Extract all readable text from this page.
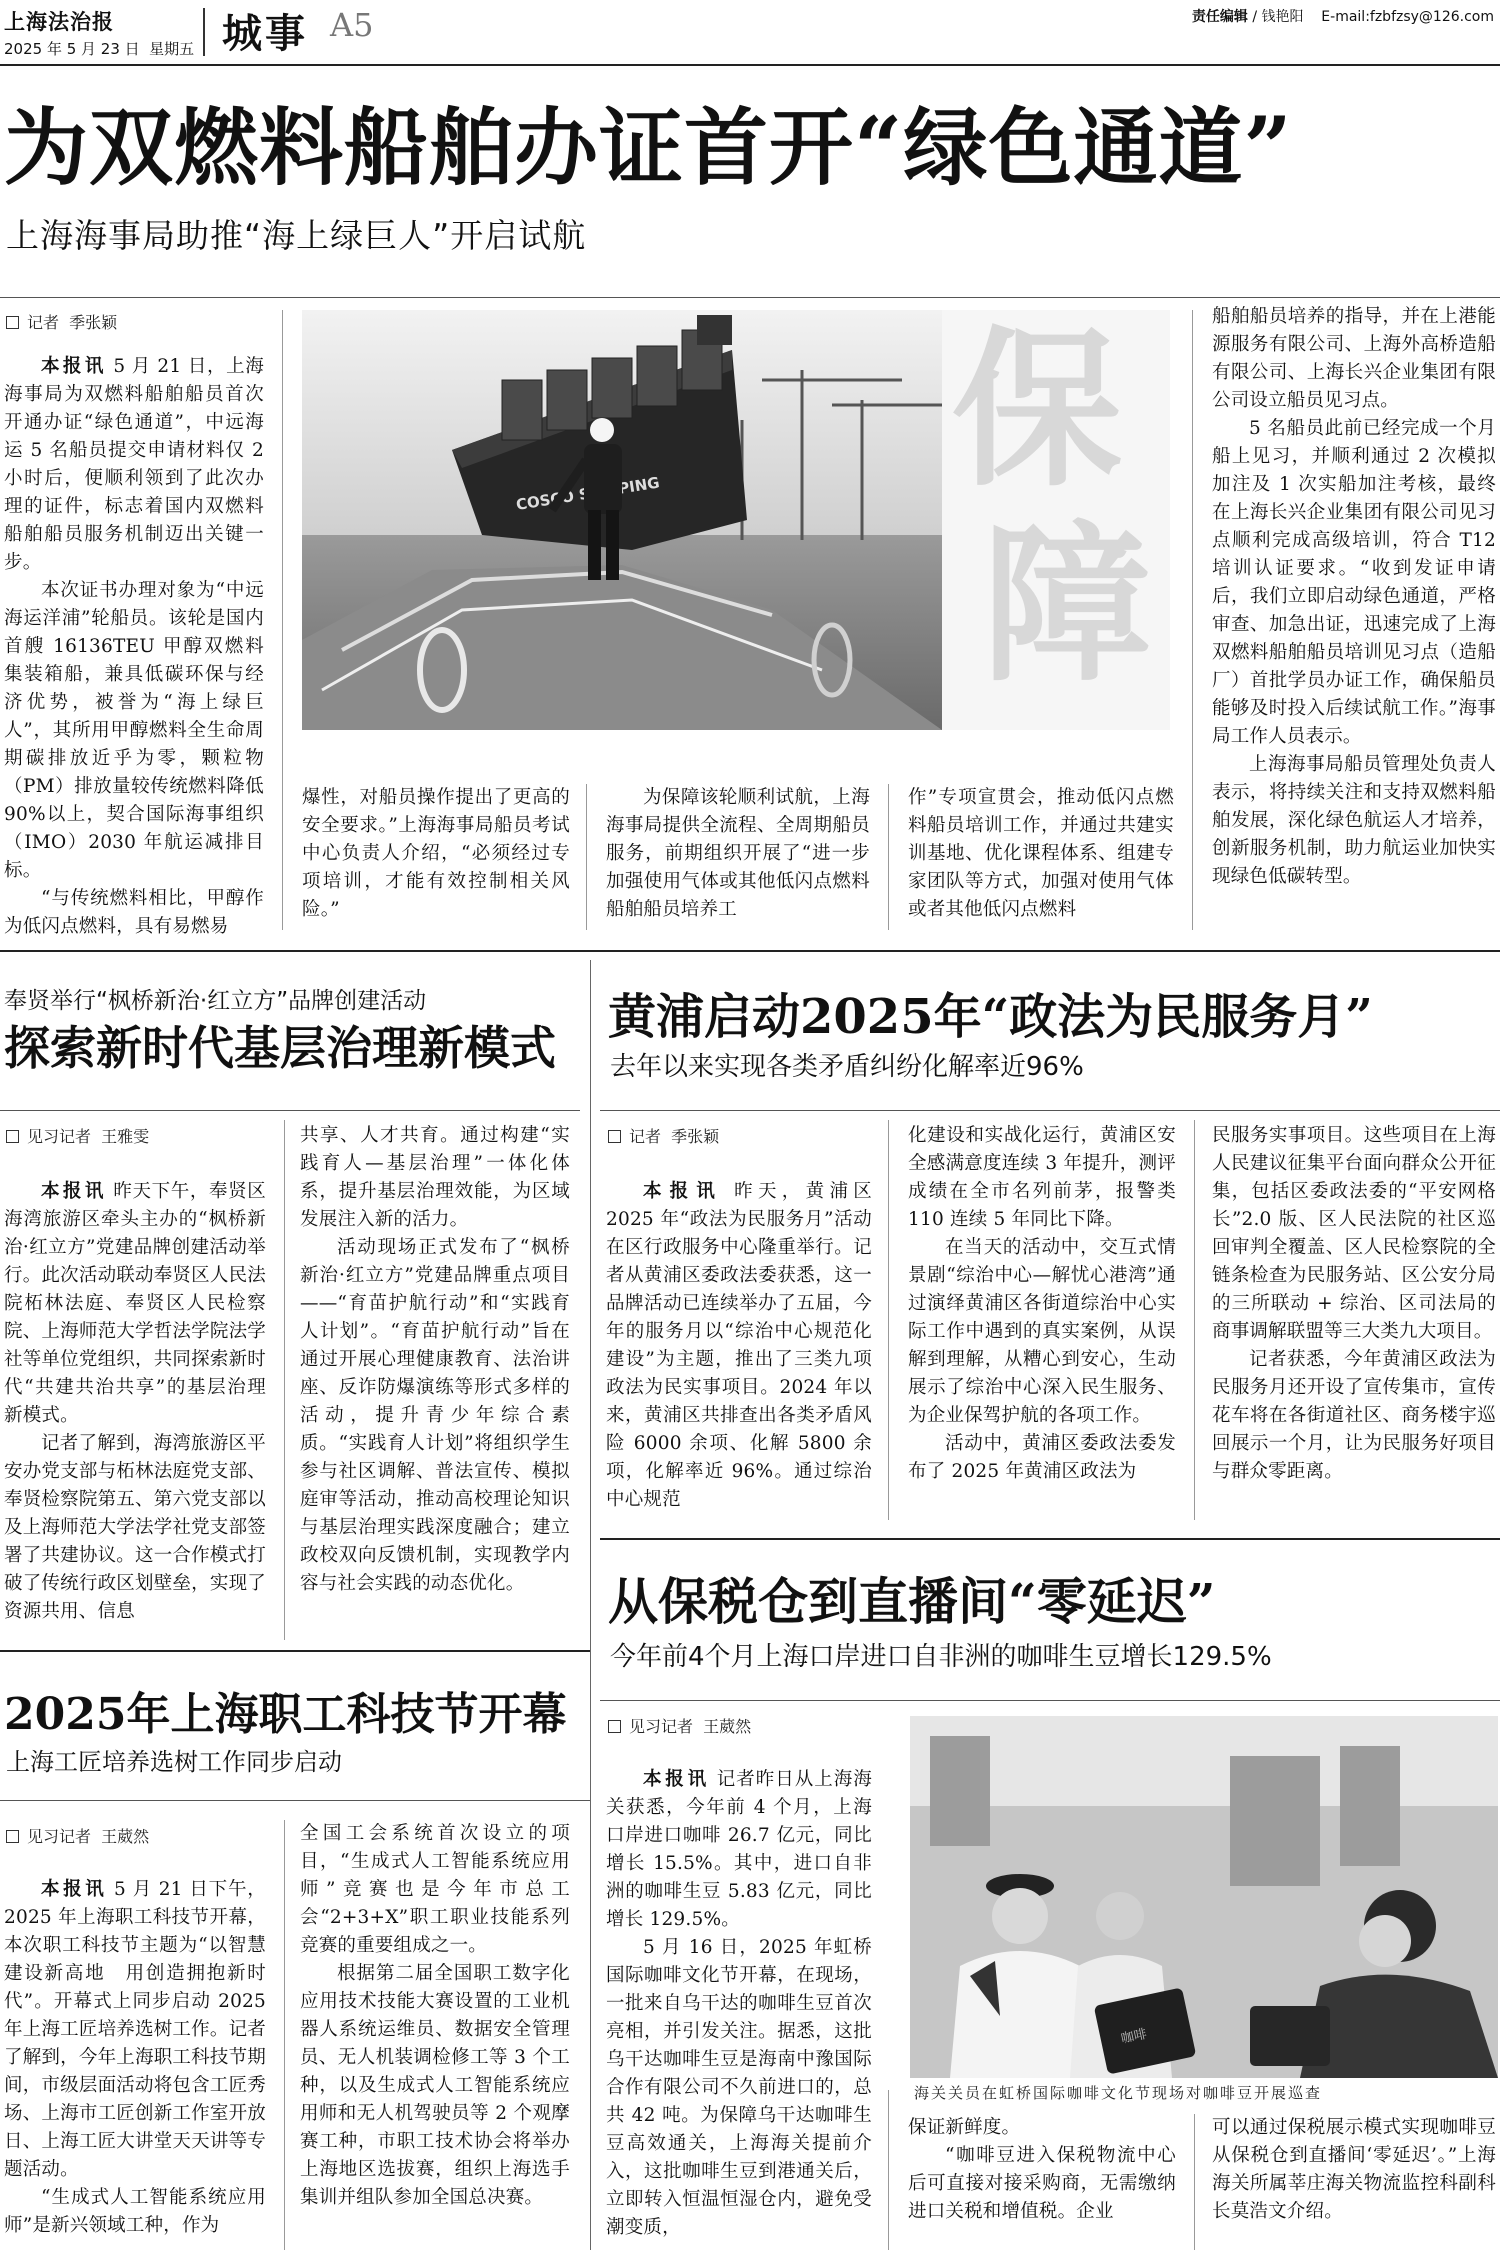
上海法治报
2025 年 5 月 23 日  星期五 城事 A5	责任编辑 / 钱艳阳 E-mail:fzbfzsy@126.com
为双燃料船舶办证首开“绿色通道”
上海海事局助推“海上绿巨人”开启试航
记者  季张颖
COSCO	保
障

本报讯 5 月 21 日，上海海事局为双燃料船舶船员首次开通办证“绿色通道”，中远海运 5 名船员提交申请材料仅 2 小时后，便顺利领到了此次办理的证件，标志着国内双燃料船舶船员服务机制迈出关键一步。

本次证书办理对象为“中远海运洋浦”轮船员。该轮是国内首艘 16136TEU 甲醇双燃料集装箱船，兼具低碳环保与经济优势，被誉为“海上绿巨人”，其所用甲醇燃料全生命周期碳排放近乎为零，颗粒物（PM）排放量较传统燃料降低 90%以上，契合国际海事组织（IMO）2030 年航运减排目标。

“与传统燃料相比，甲醇作为低闪点燃料，具有易燃易

爆性，对船员操作提出了更高的安全要求。”上海海事局船员考试中心负责人介绍，“必须经过专项培训，才能有效控制相关风险。”

为保障该轮顺利试航，上海海事局提供全流程、全周期船员服务，前期组织开展了“进一步加强使用气体或其他低闪点燃料船舶船员培养工

作”专项宣贯会，推动低闪点燃料船员培训工作，并通过共建实训基地、优化课程体系、组建专家团队等方式，加强对使用气体或者其他低闪点燃料

船舶船员培养的指导，并在上港能源服务有限公司、上海外高桥造船有限公司、上海长兴企业集团有限公司设立船员见习点。

5 名船员此前已经完成一个月船上见习，并顺利通过 2 次模拟加注及 1 次实船加注考核，最终在上海长兴企业集团有限公司见习点顺利完成高级培训，符合 T12 培训认证要求。“收到发证申请后，我们立即启动绿色通道，严格审查、加急出证，迅速完成了上海双燃料船舶船员培训见习点（造船厂）首批学员办证工作，确保船员能够及时投入后续试航工作。”海事局工作人员表示。

上海海事局船员管理处负责人表示，将持续关注和支持双燃料船舶发展，深化绿色航运人才培养，创新服务机制，助力航运业加快实现绿色低碳转型。

奉贤举行“枫桥新治·红立方”品牌创建活动
探索新时代基层治理新模式
见习记者  王雅雯

本报讯 昨天下午，奉贤区海湾旅游区牵头主办的“枫桥新治·红立方”党建品牌创建活动举行。此次活动联动奉贤区人民法院柘林法庭、奉贤区人民检察院、上海师范大学哲法学院法学社等单位党组织，共同探索新时代“共建共治共享”的基层治理新模式。

记者了解到，海湾旅游区平安办党支部与柘林法庭党支部、奉贤检察院第五、第六党支部以及上海师范大学法学社党支部签署了共建协议。这一合作模式打破了传统行政区划壁垒，实现了资源共用、信息

共享、人才共育。通过构建“实践育人—基层治理”一体化体系，提升基层治理效能，为区域发展注入新的活力。

活动现场正式发布了“枫桥新治·红立方”党建品牌重点项目——“育苗护航行动”和“实践育人计划”。“育苗护航行动”旨在通过开展心理健康教育、法治讲座、反诈防爆演练等形式多样的活动，提升青少年综合素质。“实践育人计划”将组织学生参与社区调解、普法宣传、模拟庭审等活动，推动高校理论知识与基层治理实践深度融合；建立政校双向反馈机制，实现教学内容与社会实践的动态优化。

黄浦启动2025年“政法为民服务月”
去年以来实现各类矛盾纠纷化解率近96%
记者  季张颖

本报讯 昨天，黄浦区2025 年“政法为民服务月”活动在区行政服务中心隆重举行。记者从黄浦区委政法委获悉，这一品牌活动已连续举办了五届，今年的服务月以“综治中心规范化建设”为主题，推出了三类九项政法为民实事项目。2024 年以来，黄浦区共排查出各类矛盾风险 6000 余项、化解 5800 余项，化解率近 96%。通过综治中心规范

化建设和实战化运行，黄浦区安全感满意度连续 3 年提升，测评成绩在全市名列前茅，报警类 110 连续 5 年同比下降。

在当天的活动中，交互式情景剧“综治中心—解忧心港湾”通过演绎黄浦区各街道综治中心实际工作中遇到的真实案例，从误解到理解，从糟心到安心，生动展示了综治中心深入民生服务、为企业保驾护航的各项工作。

活动中，黄浦区委政法委发布了 2025 年黄浦区政法为

民服务实事项目。这些项目在上海人民建议征集平台面向群众公开征集，包括区委政法委的“平安网格长”2.0 版、区人民法院的社区巡回审判全覆盖、区人民检察院的全链条检查为民服务站、区公安分局的三所联动 + 综治、区司法局的商事调解联盟等三大类九大项目。

记者获悉，今年黄浦区政法为民服务月还开设了宣传集市，宣传花车将在各街道社区、商务楼宇巡回展示一个月，让为民服务好项目与群众零距离。

从保税仓到直播间“零延迟”
今年前4个月上海口岸进口自非洲的咖啡生豆增长129.5%
见习记者  王葳然

本报讯 记者昨日从上海海关获悉，今年前 4 个月，上海口岸进口咖啡 26.7 亿元，同比增长 15.5%。其中，进口自非洲的咖啡生豆 5.83 亿元，同比增长 129.5%。

5 月 16 日，2025 年虹桥国际咖啡文化节开幕，在现场，一批来自乌干达的咖啡生豆首次亮相，并引发关注。据悉，这批乌干达咖啡生豆是海南中豫国际合作有限公司不久前进口的，总共 42 吨。为保障乌干达咖啡生豆高效通关，上海海关提前介入，这批咖啡生豆到港通关后，立即转入恒温恒湿仓内，避免受潮变质，

咖啡
海关关员在虹桥国际咖啡文化节现场对咖啡豆开展巡查

保证新鲜度。

“咖啡豆进入保税物流中心后可直接对接采购商，无需缴纳进口关税和增值税。企业

可以通过保税展示模式实现咖啡豆从保税仓到直播间‘零延迟’。”上海海关所属莘庄海关物流监控科副科长莫浩文介绍。

2025年上海职工科技节开幕
上海工匠培养选树工作同步启动
见习记者  王葳然

本报讯 5 月 21 日下午，2025 年上海职工科技节开幕，本次职工科技节主题为“以智慧建设新高地　用创造拥抱新时代”。开幕式上同步启动 2025 年上海工匠培养选树工作。记者了解到，今年上海职工科技节期间，市级层面活动将包含工匠秀场、上海市工匠创新工作室开放日、上海工匠大讲堂天天讲等专题活动。

“生成式人工智能系统应用师”是新兴领域工种，作为

全国工会系统首次设立的项目，“生成式人工智能系统应用师”竞赛也是今年市总工会“2+3+X”职工职业技能系列竞赛的重要组成之一。

根据第二届全国职工数字化应用技术技能大赛设置的工业机器人系统运维员、数据安全管理员、无人机装调检修工等 3 个工种，以及生成式人工智能系统应用师和无人机驾驶员等 2 个观摩赛工种，市职工技术协会将举办上海地区选拔赛，组织上海选手集训并组队参加全国总决赛。
